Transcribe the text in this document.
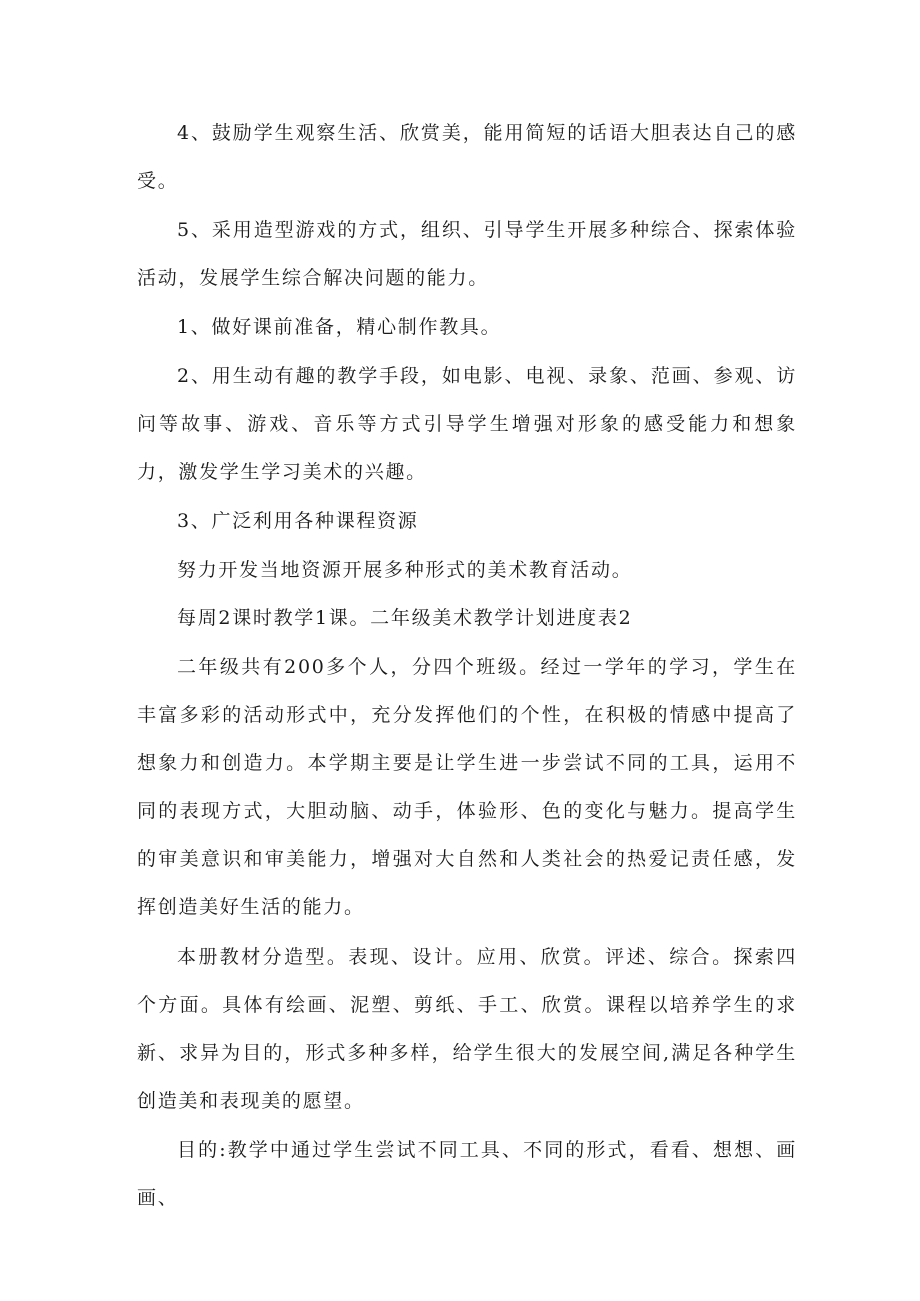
4、鼓励学生观察生活、欣赏美，能用简短的话语大胆表达自己的感受。

5、采用造型游戏的方式，组织、引导学生开展多种综合、探索体验活动，发展学生综合解决问题的能力。

1、做好课前准备，精心制作教具。

2、用生动有趣的教学手段，如电影、电视、录象、范画、参观、访问等故事、游戏、音乐等方式引导学生增强对形象的感受能力和想象力，激发学生学习美术的兴趣。

3、广泛利用各种课程资源

努力开发当地资源开展多种形式的美术教育活动。

每周2课时教学1课。二年级美术教学计划进度表2

二年级共有200多个人，分四个班级。经过一学年的学习，学生在丰富多彩的活动形式中，充分发挥他们的个性，在积极的情感中提高了想象力和创造力。本学期主要是让学生进一步尝试不同的工具，运用不同的表现方式，大胆动脑、动手，体验形、色的变化与魅力。提高学生的审美意识和审美能力，增强对大自然和人类社会的热爱记责任感，发挥创造美好生活的能力。

本册教材分造型。表现、设计。应用、欣赏。评述、综合。探索四个方面。具体有绘画、泥塑、剪纸、手工、欣赏。课程以培养学生的求新、求异为目的，形式多种多样，给学生很大的发展空间,满足各种学生创造美和表现美的愿望。

目的:教学中通过学生尝试不同工具、不同的形式，看看、想想、画画、
